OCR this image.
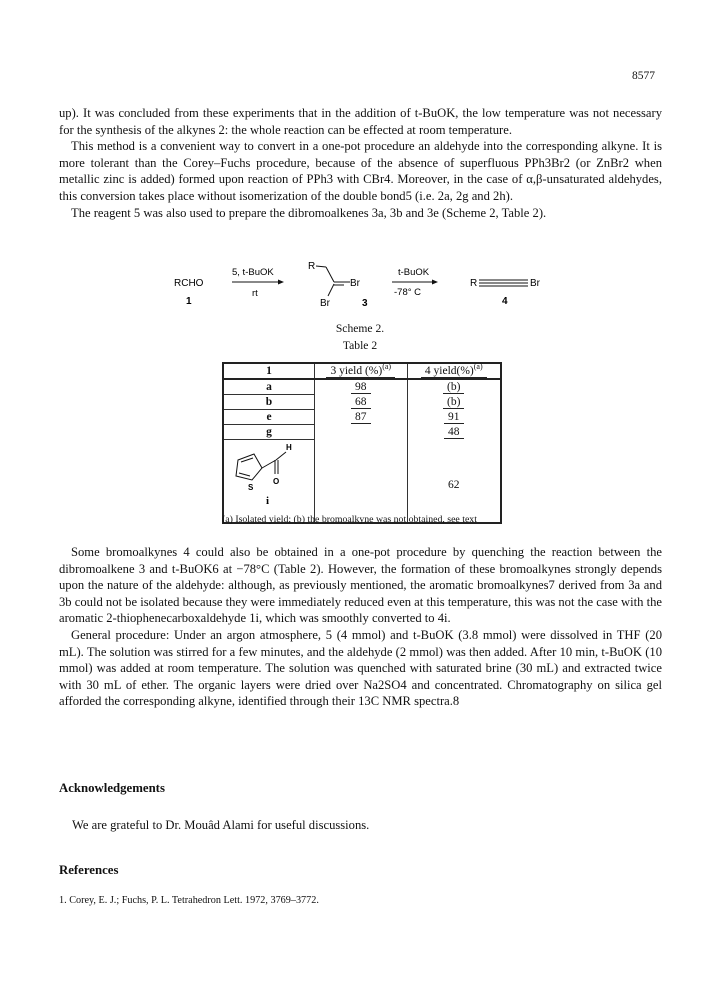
8577

up). It was concluded from these experiments that in the addition of t-BuOK, the low temperature was not necessary for the synthesis of the alkynes 2: the whole reaction can be effected at room temperature.

This method is a convenient way to convert in a one-pot procedure an aldehyde into the corresponding alkyne. It is more tolerant than the Corey–Fuchs procedure, because of the absence of superfluous PPh3Br2 (or ZnBr2 when metallic zinc is added) formed upon reaction of PPh3 with CBr4. Moreover, in the case of α,β-unsaturated aldehydes, this conversion takes place without isomerization of the double bond5 (i.e. 2a, 2g and 2h).

The reagent 5 was also used to prepare the dibromoalkenes 3a, 3b and 3e (Scheme 2, Table 2).

RCHO
1
5, t-BuOK
rt
R
Br
Br	3
t-BuOK
-78° C
R	Br
4
Scheme 2.
Table 2
1	3 yield (%)$^{(a)}$	4 yield(%)$^{(a)}$
a	98	(b)
b	68	(b)
e	87	91
g		48

S
H
O
i		62
(a) Isolated yield; (b) the bromoalkyne was not obtained, see text

Some bromoalkynes 4 could also be obtained in a one-pot procedure by quenching the reaction between the dibromoalkene 3 and t-BuOK6 at −78°C (Table 2). However, the formation of these bromoalkynes strongly depends upon the nature of the aldehyde: although, as previously mentioned, the aromatic bromoalkynes7 derived from 3a and 3b could not be isolated because they were immediately reduced even at this temperature, this was not the case with the aromatic 2-thiophenecarboxaldehyde 1i, which was smoothly converted to 4i.

General procedure: Under an argon atmosphere, 5 (4 mmol) and t-BuOK (3.8 mmol) were dissolved in THF (20 mL). The solution was stirred for a few minutes, and the aldehyde (2 mmol) was then added. After 10 min, t-BuOK (10 mmol) was added at room temperature. The solution was quenched with saturated brine (30 mL) and extracted twice with 30 mL of ether. The organic layers were dried over Na2SO4 and concentrated. Chromatography on silica gel afforded the corresponding alkyne, identified through their 13C NMR spectra.8

Acknowledgements
We are grateful to Dr. Mouâd Alami for useful discussions.
References
1. Corey, E. J.; Fuchs, P. L. Tetrahedron Lett. 1972, 3769–3772.
